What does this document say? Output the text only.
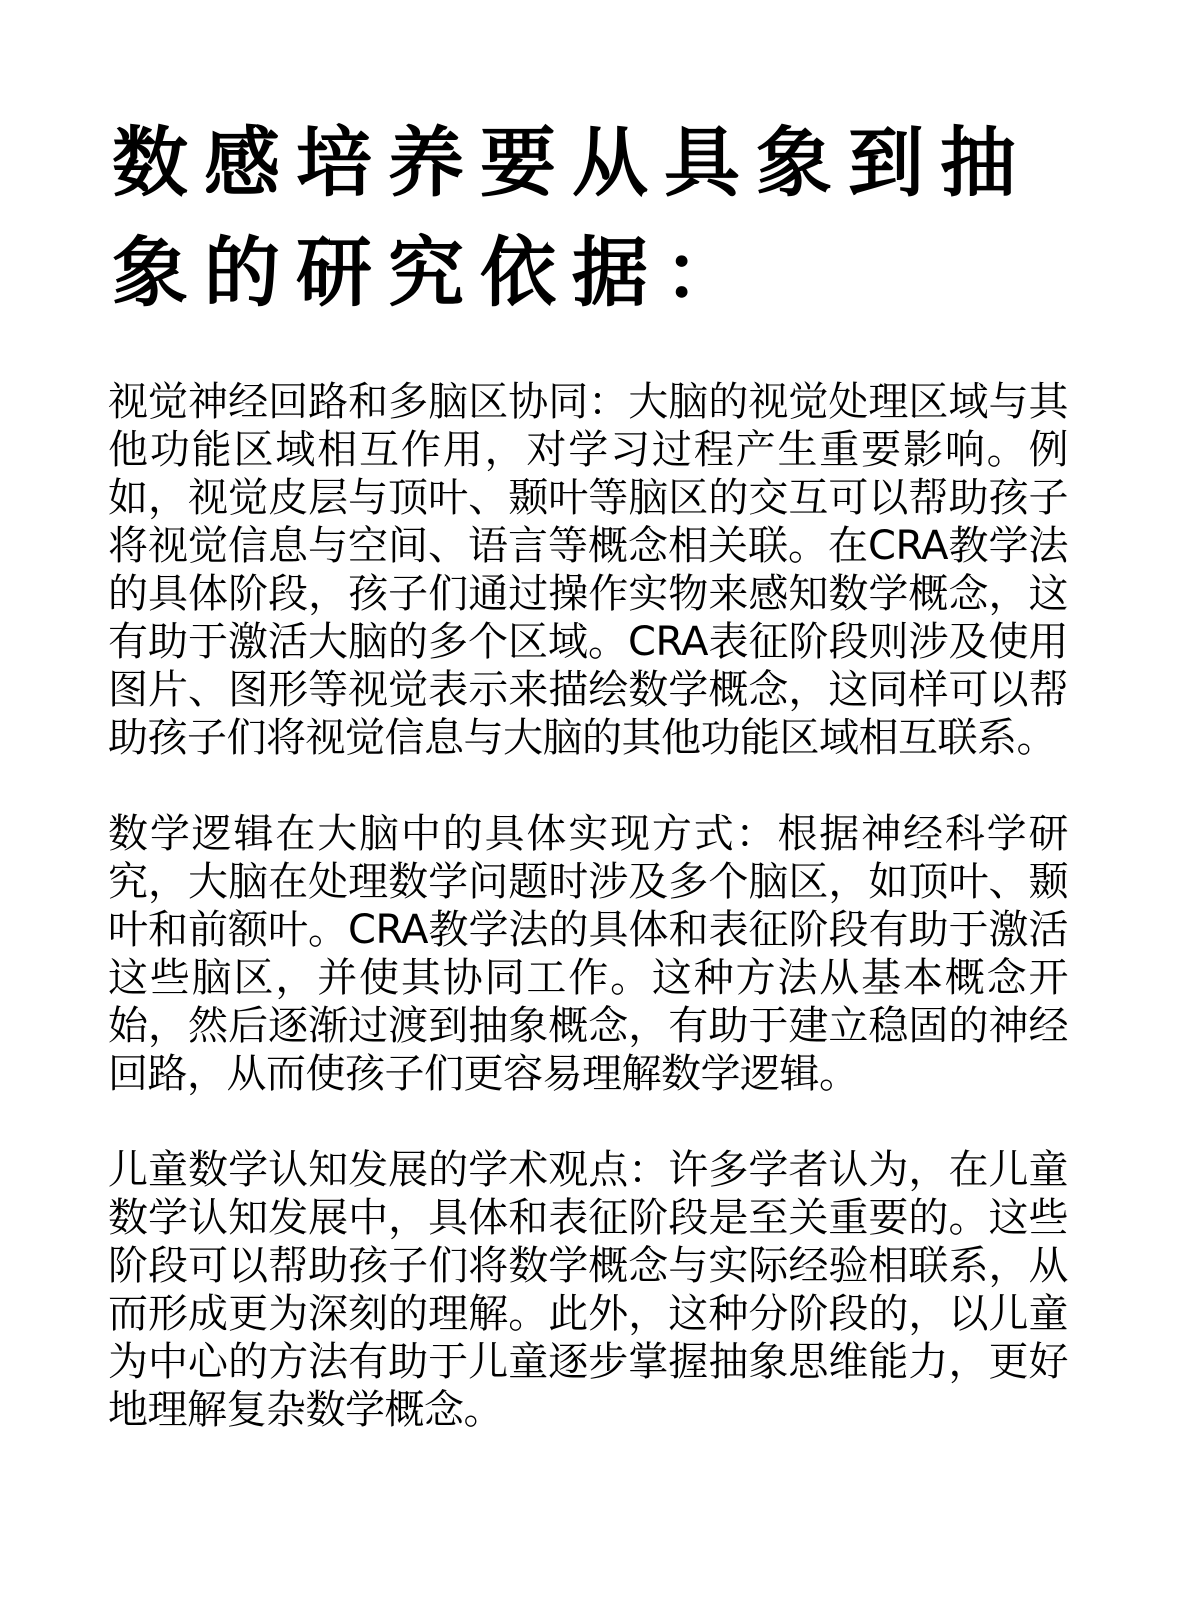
数感培养要从具象到抽象的研究依据：

视觉神经回路和多脑区协同：大脑的视觉处理区域与其他功能区域相互作用，对学习过程产生重要影响。例如，视觉皮层与顶叶、颞叶等脑区的交互可以帮助孩子将视觉信息与空间、语言等概念相关联。在CRA教学法的具体阶段，孩子们通过操作实物来感知数学概念，这有助于激活大脑的多个区域。CRA表征阶段则涉及使用图片、图形等视觉表示来描绘数学概念，这同样可以帮助孩子们将视觉信息与大脑的其他功能区域相互联系。

数学逻辑在大脑中的具体实现方式：根据神经科学研究，大脑在处理数学问题时涉及多个脑区，如顶叶、颞叶和前额叶。CRA教学法的具体和表征阶段有助于激活这些脑区，并使其协同工作。这种方法从基本概念开始，然后逐渐过渡到抽象概念，有助于建立稳固的神经回路，从而使孩子们更容易理解数学逻辑。

儿童数学认知发展的学术观点：许多学者认为，在儿童数学认知发展中，具体和表征阶段是至关重要的。这些阶段可以帮助孩子们将数学概念与实际经验相联系，从而形成更为深刻的理解。此外，这种分阶段的，以儿童为中心的方法有助于儿童逐步掌握抽象思维能力，更好地理解复杂数学概念。
